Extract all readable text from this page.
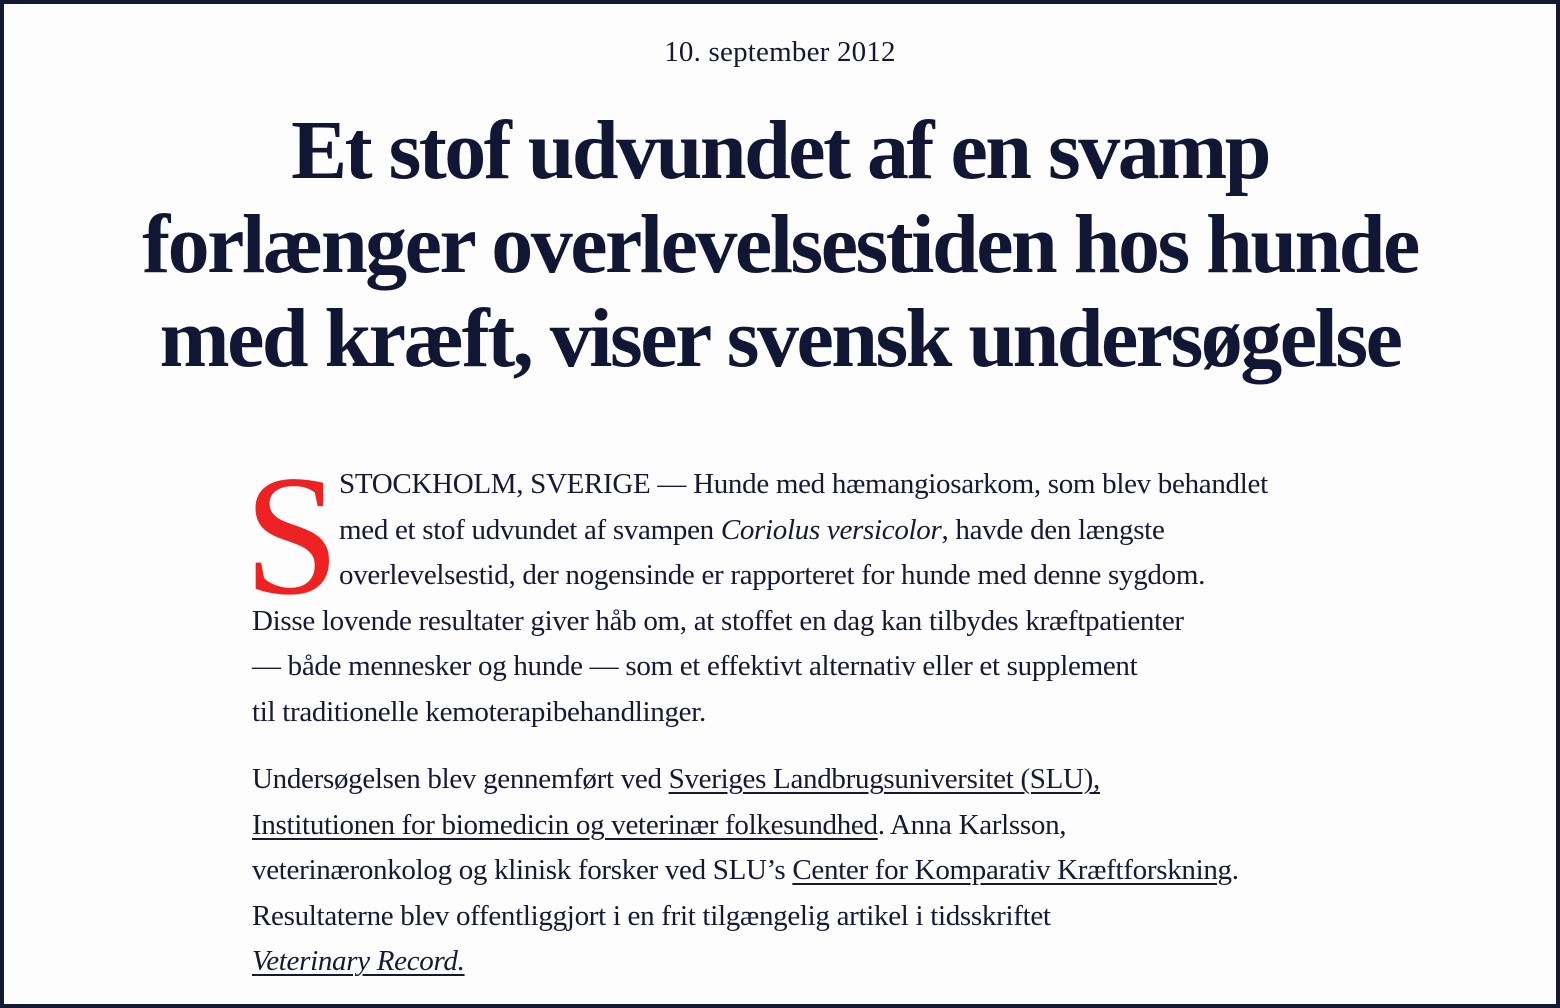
10. september 2012
Et stof udvundet af en svamp
forlænger overlevelsestiden hos hunde
med kræft, viser svensk undersøgelse
S STOCKHOLM, SVERIGE — Hunde med hæmangiosarkom, som blev behandlet
med et stof udvundet af svampen Coriolus versicolor, havde den længste
overlevelsestid, der nogensinde er rapporteret for hunde med denne sygdom.
Disse lovende resultater giver håb om, at stoffet en dag kan tilbydes kræftpatienter
— både mennesker og hunde — som et effektivt alternativ eller et supplement
til traditionelle kemoterapibehandlinger.

Undersøgelsen blev gennemført ved Sveriges Landbrugsuniversitet (SLU),
Institutionen for biomedicin og veterinær folkesundhed. Anna Karlsson,
veterinæronkolog og klinisk forsker ved SLU’s Center for Komparativ Kræftforskning.
Resultaterne blev offentliggjort i en frit tilgængelig artikel i tidsskriftet
Veterinary Record.
